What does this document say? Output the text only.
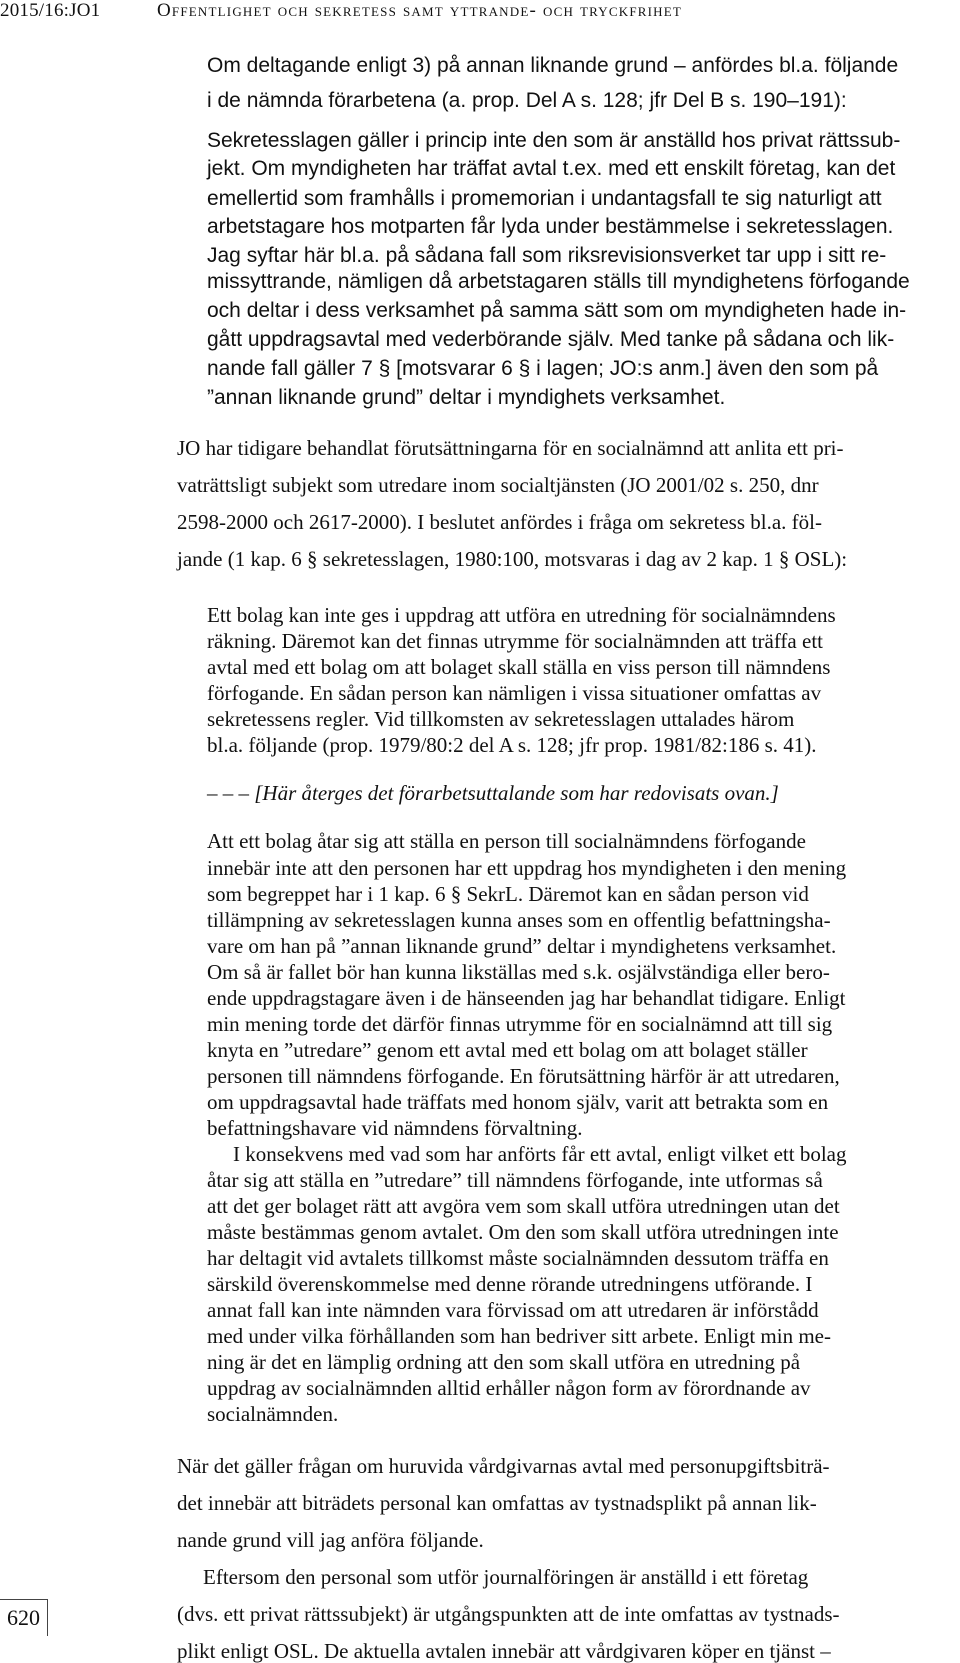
2015/16:JO1	Offentlighet och sekretess samt yttrande- och tryckfrihet
Om deltagande enligt 3) på annan liknande grund – anfördes bl.a. följande
i de nämnda förarbetena (a. prop. Del A s. 128; jfr Del B s. 190–191):
Sekretesslagen gäller i princip inte den som är anställd hos privat rättssub-
jekt. Om myndigheten har träffat avtal t.ex. med ett enskilt företag, kan det
emellertid som framhålls i promemorian i undantagsfall te sig naturligt att
arbetstagare hos motparten får lyda under bestämmelse i sekretesslagen.
Jag syftar här bl.a. på sådana fall som riksrevisionsverket tar upp i sitt re-
missyttrande, nämligen då arbetstagaren ställs till myndighetens förfogande
och deltar i dess verksamhet på samma sätt som om myndigheten hade in-
gått uppdragsavtal med vederbörande själv. Med tanke på sådana och lik-
nande fall gäller 7 § [motsvarar 6 § i lagen; JO:s anm.] även den som på
”annan liknande grund” deltar i myndighets verksamhet.
JO har tidigare behandlat förutsättningarna för en socialnämnd att anlita ett pri-
vaträttsligt subjekt som utredare inom socialtjänsten (JO 2001/02 s. 250, dnr
2598-2000 och 2617-2000). I beslutet anfördes i fråga om sekretess bl.a. föl-
jande (1 kap. 6 § sekretesslagen, 1980:100, motsvaras i dag av 2 kap. 1 § OSL):
Ett bolag kan inte ges i uppdrag att utföra en utredning för socialnämndens
räkning. Däremot kan det finnas utrymme för socialnämnden att träffa ett
avtal med ett bolag om att bolaget skall ställa en viss person till nämndens
förfogande. En sådan person kan nämligen i vissa situationer omfattas av
sekretessens regler. Vid tillkomsten av sekretesslagen uttalades härom
bl.a. följande (prop. 1979/80:2 del A s. 128; jfr prop. 1981/82:186 s. 41).
– – – [Här återges det förarbetsuttalande som har redovisats ovan.]
Att ett bolag åtar sig att ställa en person till socialnämndens förfogande
innebär inte att den personen har ett uppdrag hos myndigheten i den mening
som begreppet har i 1 kap. 6 § SekrL. Däremot kan en sådan person vid
tillämpning av sekretesslagen kunna anses som en offentlig befattningsha-
vare om han på ”annan liknande grund” deltar i myndighetens verksamhet.
Om så är fallet bör han kunna likställas med s.k. osjälvständiga eller bero-
ende uppdragstagare även i de hänseenden jag har behandlat tidigare. Enligt
min mening torde det därför finnas utrymme för en socialnämnd att till sig
knyta en ”utredare” genom ett avtal med ett bolag om att bolaget ställer
personen till nämndens förfogande. En förutsättning härför är att utredaren,
om uppdragsavtal hade träffats med honom själv, varit att betrakta som en
befattningshavare vid nämndens förvaltning.
I konsekvens med vad som har anförts får ett avtal, enligt vilket ett bolag
åtar sig att ställa en ”utredare” till nämndens förfogande, inte utformas så
att det ger bolaget rätt att avgöra vem som skall utföra utredningen utan det
måste bestämmas genom avtalet. Om den som skall utföra utredningen inte
har deltagit vid avtalets tillkomst måste socialnämnden dessutom träffa en
särskild överenskommelse med denne rörande utredningens utförande. I
annat fall kan inte nämnden vara förvissad om att utredaren är införstådd
med under vilka förhållanden som han bedriver sitt arbete. Enligt min me-
ning är det en lämplig ordning att den som skall utföra en utredning på
uppdrag av socialnämnden alltid erhåller någon form av förordnande av
socialnämnden.
När det gäller frågan om huruvida vårdgivarnas avtal med personupgiftsbiträ-
det innebär att biträdets personal kan omfattas av tystnadsplikt på annan lik-
nande grund vill jag anföra följande.
Eftersom den personal som utför journalföringen är anställd i ett företag
(dvs. ett privat rättssubjekt) är utgångspunkten att de inte omfattas av tystnads-
plikt enligt OSL. De aktuella avtalen innebär att vårdgivaren köper en tjänst –
620
